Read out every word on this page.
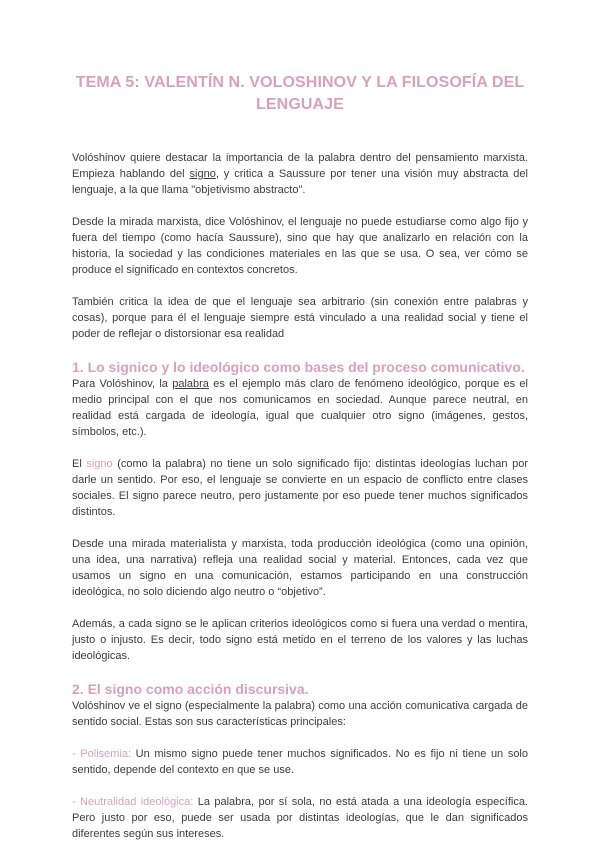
TEMA 5: VALENTÍN N. VOLOSHINOV Y LA FILOSOFÍA DEL LENGUAJE

Volóshinov quiere destacar la importancia de la palabra dentro del pensamiento marxista. Empieza hablando del signo, y critica a Saussure por tener una visión muy abstracta del lenguaje, a la que llama "objetivismo abstracto".

Desde la mirada marxista, dice Volóshinov, el lenguaje no puede estudiarse como algo fijo y fuera del tiempo (como hacía Saussure), sino que hay que analizarlo en relación con la historia, la sociedad y las condiciones materiales en las que se usa. O sea, ver cómo se produce el significado en contextos concretos.

También critica la idea de que el lenguaje sea arbitrario (sin conexión entre palabras y cosas), porque para él el lenguaje siempre está vinculado a una realidad social y tiene el poder de reflejar o distorsionar esa realidad

1. Lo signico y lo ideológico como bases del proceso comunicativo.

Para Volóshinov, la palabra es el ejemplo más claro de fenómeno ideológico, porque es el medio principal con el que nos comunicamos en sociedad. Aunque parece neutral, en realidad está cargada de ideología, igual que cualquier otro signo (imágenes, gestos, símbolos, etc.).

El signo (como la palabra) no tiene un solo significado fijo: distintas ideologías luchan por darle un sentido. Por eso, el lenguaje se convierte en un espacio de conflicto entre clases sociales. El signo parece neutro, pero justamente por eso puede tener muchos significados distintos.

Desde una mirada materialista y marxista, toda producción ideológica (como una opinión, una idea, una narrativa) refleja una realidad social y material. Entonces, cada vez que usamos un signo en una comunicación, estamos participando en una construcción ideológica, no solo diciendo algo neutro o “objetivo”.

Además, a cada signo se le aplican criterios ideológicos como si fuera una verdad o mentira, justo o injusto. Es decir, todo signo está metido en el terreno de los valores y las luchas ideológicas.

2. El signo como acción discursiva.

Volóshinov ve el signo (especialmente la palabra) como una acción comunicativa cargada de sentido social. Estas son sus características principales:

- Polisemia: Un mismo signo puede tener muchos significados. No es fijo ni tiene un solo sentido, depende del contexto en que se use.

- Neutralidad ideológica: La palabra, por sí sola, no está atada a una ideología específica. Pero justo por eso, puede ser usada por distintas ideologías, que le dan significados diferentes según sus intereses.
